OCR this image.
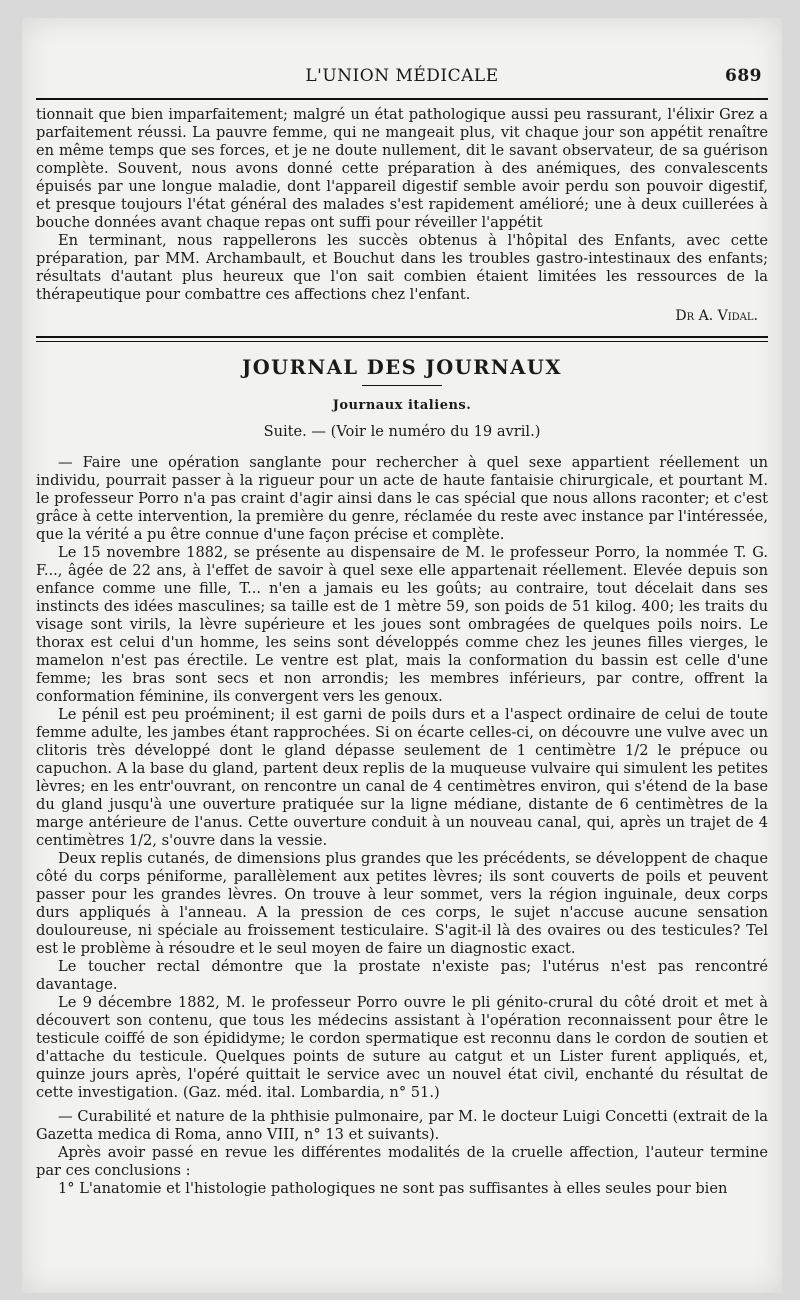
L'UNION MÉDICALE	689

tionnait que bien imparfaitement; malgré un état pathologique aussi peu rassurant, l'élixir Grez a parfaitement réussi. La pauvre femme, qui ne mangeait plus, vit chaque jour son appétit renaître en même temps que ses forces, et je ne doute nullement, dit le savant observateur, de sa guérison complète. Souvent, nous avons donné cette préparation à des anémiques, des convalescents épuisés par une longue maladie, dont l'appareil digestif semble avoir perdu son pouvoir digestif, et presque toujours l'état général des malades s'est rapidement amélioré; une à deux cuillerées à bouche données avant chaque repas ont suffi pour réveiller l'appétit

En terminant, nous rappellerons les succès obtenus à l'hôpital des Enfants, avec cette préparation, par MM. Archambault, et Bouchut dans les troubles gastro-intestinaux des enfants; résultats d'autant plus heureux que l'on sait combien étaient limitées les ressources de la thérapeutique pour combattre ces affections chez l'enfant.

Dr A. Vidal.
JOURNAL DES JOURNAUX
Journaux italiens.
Suite. — (Voir le numéro du 19 avril.)

— Faire une opération sanglante pour rechercher à quel sexe appartient réellement un individu, pourrait passer à la rigueur pour un acte de haute fantaisie chirurgicale, et pourtant M. le professeur Porro n'a pas craint d'agir ainsi dans le cas spécial que nous allons raconter; et c'est grâce à cette intervention, la première du genre, réclamée du reste avec instance par l'intéressée, que la vérité a pu être connue d'une façon précise et complète.

Le 15 novembre 1882, se présente au dispensaire de M. le professeur Porro, la nommée T. G. F..., âgée de 22 ans, à l'effet de savoir à quel sexe elle appartenait réellement. Elevée depuis son enfance comme une fille, T... n'en a jamais eu les goûts; au contraire, tout décelait dans ses instincts des idées masculines; sa taille est de 1 mètre 59, son poids de 51 kilog. 400; les traits du visage sont virils, la lèvre supérieure et les joues sont ombragées de quelques poils noirs. Le thorax est celui d'un homme, les seins sont développés comme chez les jeunes filles vierges, le mamelon n'est pas érectile. Le ventre est plat, mais la conformation du bassin est celle d'une femme; les bras sont secs et non arrondis; les membres inférieurs, par contre, offrent la conformation féminine, ils convergent vers les genoux.

Le pénil est peu proéminent; il est garni de poils durs et a l'aspect ordinaire de celui de toute femme adulte, les jambes étant rapprochées. Si on écarte celles-ci, on découvre une vulve avec un clitoris très développé dont le gland dépasse seulement de 1 centimètre 1/2 le prépuce ou capuchon. A la base du gland, partent deux replis de la muqueuse vulvaire qui simulent les petites lèvres; en les entr'ouvrant, on rencontre un canal de 4 centimètres environ, qui s'étend de la base du gland jusqu'à une ouverture pratiquée sur la ligne médiane, distante de 6 centimètres de la marge antérieure de l'anus. Cette ouverture conduit à un nouveau canal, qui, après un trajet de 4 centimètres 1/2, s'ouvre dans la vessie.

Deux replis cutanés, de dimensions plus grandes que les précédents, se développent de chaque côté du corps péniforme, parallèlement aux petites lèvres; ils sont couverts de poils et peuvent passer pour les grandes lèvres. On trouve à leur sommet, vers la région inguinale, deux corps durs appliqués à l'anneau. A la pression de ces corps, le sujet n'accuse aucune sensation douloureuse, ni spéciale au froissement testiculaire. S'agit-il là des ovaires ou des testicules? Tel est le problème à résoudre et le seul moyen de faire un diagnostic exact.

Le toucher rectal démontre que la prostate n'existe pas; l'utérus n'est pas rencontré davantage.

Le 9 décembre 1882, M. le professeur Porro ouvre le pli génito-crural du côté droit et met à découvert son contenu, que tous les médecins assistant à l'opération reconnaissent pour être le testicule coiffé de son épididyme; le cordon spermatique est reconnu dans le cordon de soutien et d'attache du testicule. Quelques points de suture au catgut et un Lister furent appliqués, et, quinze jours après, l'opéré quittait le service avec un nouvel état civil, enchanté du résultat de cette investigation. (Gaz. méd. ital. Lombardia, n° 51.)

— Curabilité et nature de la phthisie pulmonaire, par M. le docteur Luigi Concetti (extrait de la Gazetta medica di Roma, anno VIII, n° 13 et suivants).

Après avoir passé en revue les différentes modalités de la cruelle affection, l'auteur termine par ces conclusions :

1° L'anatomie et l'histologie pathologiques ne sont pas suffisantes à elles seules pour bien
